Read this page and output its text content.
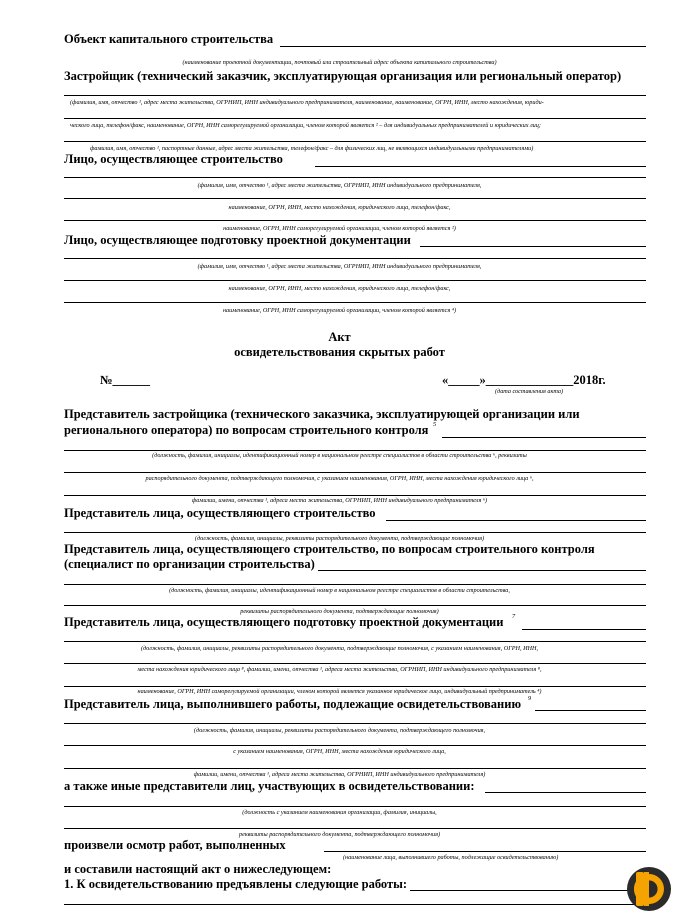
Объект капитального строительства
(наименование проектной документации, почтовый или строительный адрес объекта капитального строительства)
Застройщик (технический заказчик, эксплуатирующая организация или региональный оператор)
(фамилия, имя, отчество ¹, адрес места жительства, ОГРНИП, ИНН индивидуального предпринимателя, наименование, наименование, ОГРН, ИНН, место нахождения, юриди-
ческого лица, телефон/факс, наименование, ОГРН, ИНН саморегулируемой организации, членом которой является ² – для индивидуальных предпринимателей и юридических лиц;
фамилия, имя, отчество ¹, паспортные данные, адрес места жительства, телефон/факс – для физических лиц, не являющихся индивидуальными предпринимателями)
Лицо, осуществляющее строительство
(фамилия, имя, отчество ¹, адрес места жительства, ОГРНИП, ИНН индивидуального предпринимателя,
наименование, ОГРН, ИНН, место нахождения, юридического лица, телефон/факс,
наименование, ОГРН, ИНН саморегулируемой организации, членом которой является ²)
Лицо, осуществляющее подготовку проектной документации
(фамилия, имя, отчество ¹, адрес места жительства, ОГРНИП, ИНН индивидуального предпринимателя,
наименование, ОГРН, ИНН, место нахождения, юридического лица, телефон/факс,
наименование, ОГРН, ИНН саморегулируемой организации, членом которой является ⁴)
Акт
освидетельствования скрытых работ
№______	«_____»______________2018г.
(дата составления акта)
Представитель застройщика (технического заказчика, эксплуатирующей организации или
регионального оператора) по вопросам строительного контроля 5
(должность, фамилия, инициалы, идентификационный номер в национальном реестре специалистов в области строительства ⁶, реквизиты
распорядительного документа, подтверждающего полномочия, с указанием наименования, ОГРН, ИНН, места нахождения юридического лица ⁶,
фамилии, имени, отчества ¹, адреса места жительства, ОГРНИП, ИНН индивидуального предпринимателя ⁶)
Представитель лица, осуществляющего строительство
(должность, фамилия, инициалы, реквизиты распорядительного документа, подтверждающие полномочия)
Представитель лица, осуществляющего строительство, по вопросам строительного контроля
(специалист по организации строительства)
(должность, фамилия, инициалы, идентификационный номер в национальном реестре специалистов в области строительства,
реквизиты распорядительного документа, подтверждающие полномочия)
Представитель лица, осуществляющего подготовку проектной документации 7
(должность, фамилия, инициалы, реквизиты распорядительного документа, подтверждающие полномочия, с указанием наименования, ОГРН, ИНН,
места нахождения юридического лица ⁸, фамилии, имени, отчества ¹, адреса места жительства, ОГРНИП, ИНН индивидуального предпринимателя ⁸,
наименование, ОГРН, ИНН саморегулируемой организации, членом которой является указанное юридическое лицо, индивидуальный предприниматель ⁴)
Представитель лица, выполнившего работы, подлежащие освидетельствованию 9
(должность, фамилия, инициалы, реквизиты распорядительного документа, подтверждающего полномочия,
с указанием наименования, ОГРН, ИНН, места нахождения юридического лица,
фамилии, имени, отчества ¹, адреса места жительства, ОГРНИП, ИНН индивидуального предпринимателя)
а также иные представители лиц, участвующих в освидетельствовании:
(должность с указанием наименования организации, фамилия, инициалы,
реквизиты распорядительного документа, подтверждающего полномочия)
произвели осмотр работ, выполненных
(наименование лица, выполнившего работы, подлежащие освидетельствованию)
и составили настоящий акт о нижеследующем:
1. К освидетельствованию предъявлены следующие работы:
